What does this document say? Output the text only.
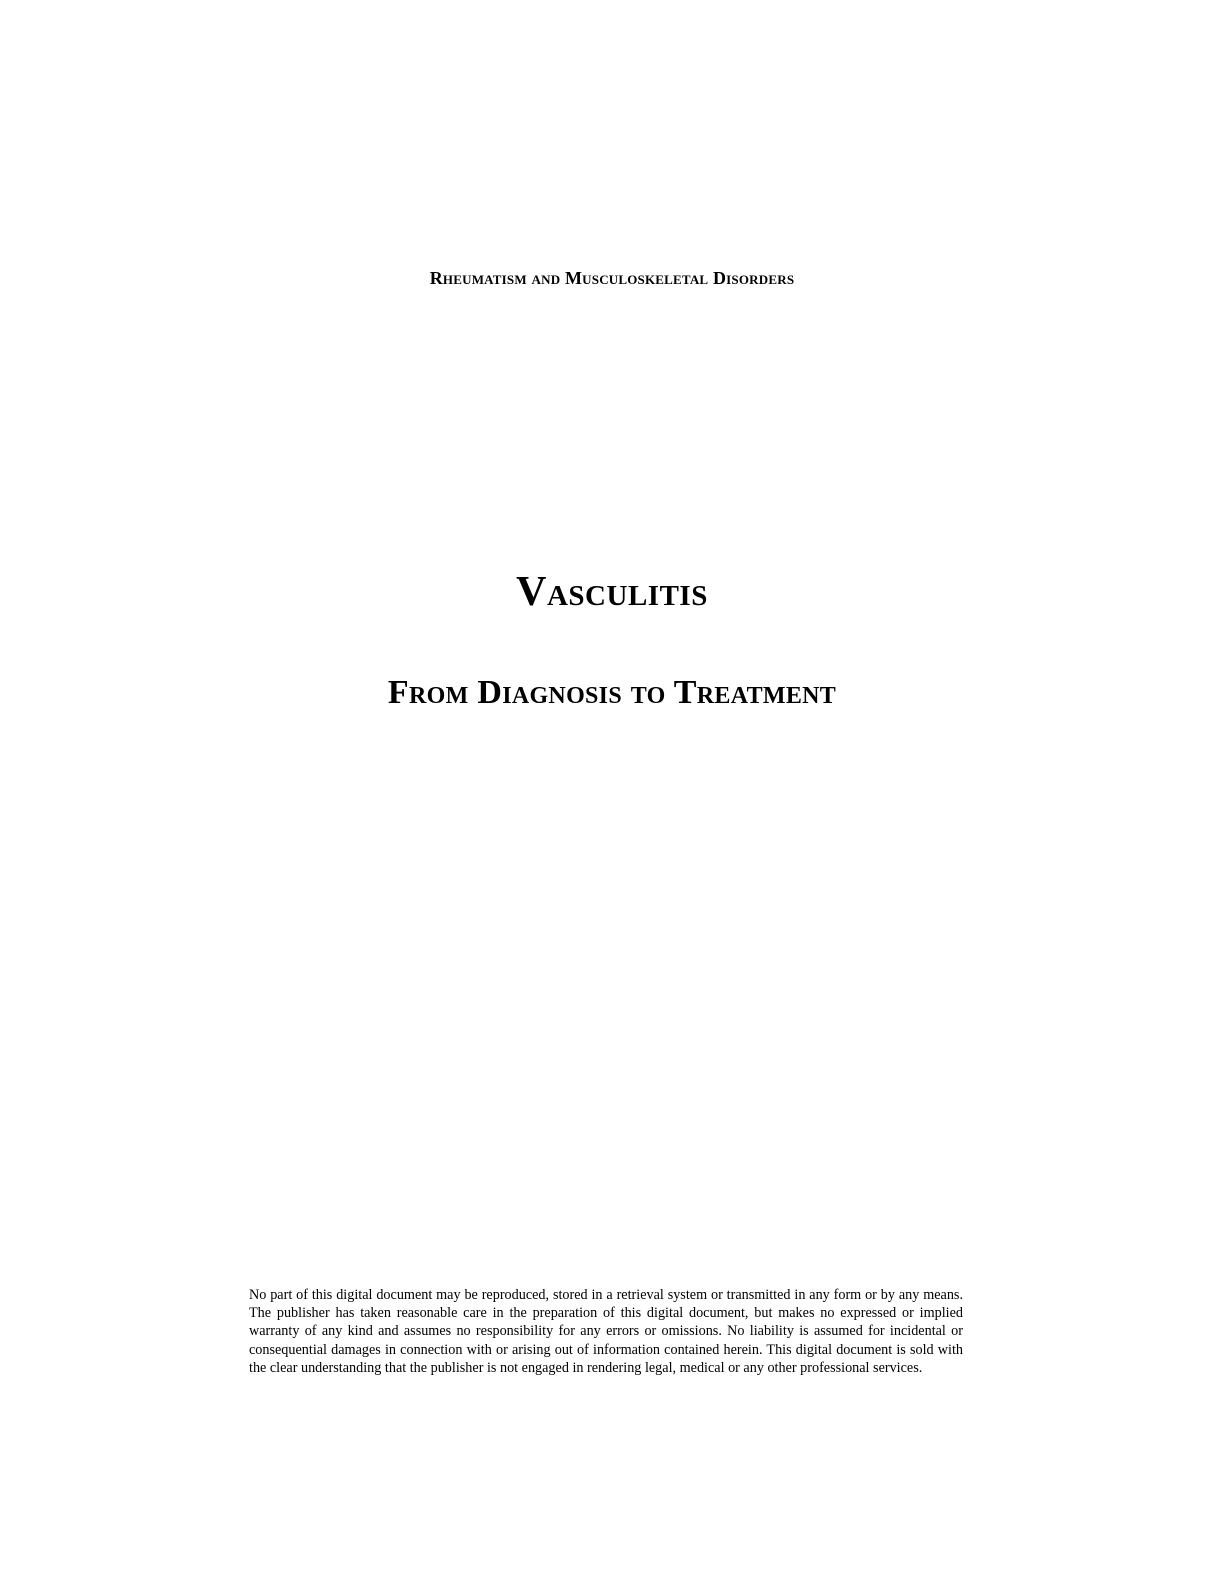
Rheumatism and Musculoskeletal Disorders
Vasculitis
From Diagnosis to Treatment
No part of this digital document may be reproduced, stored in a retrieval system or transmitted in any form or by any means. The publisher has taken reasonable care in the preparation of this digital document, but makes no expressed or implied warranty of any kind and assumes no responsibility for any errors or omissions. No liability is assumed for incidental or consequential damages in connection with or arising out of information contained herein. This digital document is sold with the clear understanding that the publisher is not engaged in rendering legal, medical or any other professional services.
